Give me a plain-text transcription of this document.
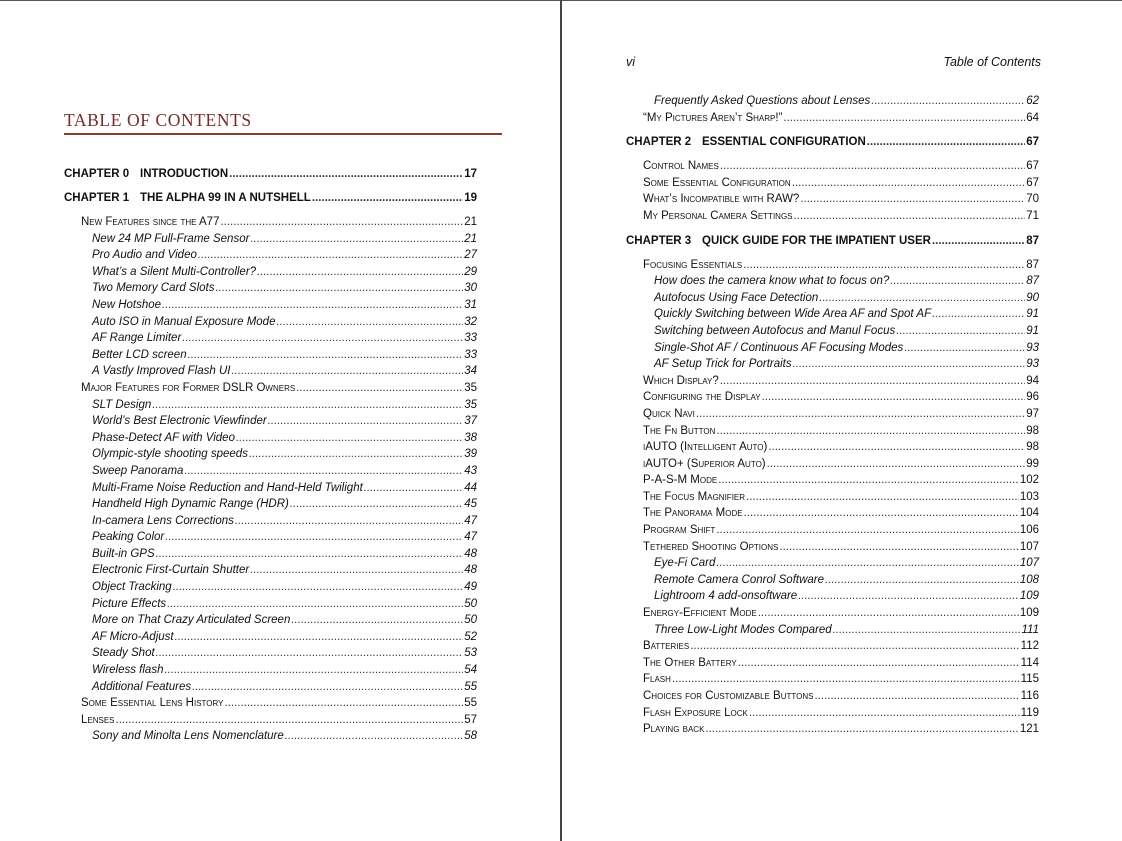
TABLE OF CONTENTS
CHAPTER 0 INTRODUCTION .....	17
CHAPTER 1 THE ALPHA 99 IN A NUTSHELL .....	19
New Features since the A77 .....	21
New 24 MP Full-Frame Sensor .....	21
Pro Audio and Video .....	27
What’s a Silent Multi-Controller? .....	29
Two Memory Card Slots .....	30
New Hotshoe .....	31
Auto ISO in Manual Exposure Mode .....	32
AF Range Limiter .....	33
Better LCD screen .....	33
A Vastly Improved Flash UI .....	34
Major Features for Former DSLR Owners .....	35
SLT Design .....	35
World’s Best Electronic Viewfinder .....	37
Phase-Detect AF with Video .....	38
Olympic-style shooting speeds .....	39
Sweep Panorama .....	43
Multi-Frame Noise Reduction and Hand-Held Twilight .....	44
Handheld High Dynamic Range (HDR) .....	45
In-camera Lens Corrections .....	47
Peaking Color .....	47
Built-in GPS .....	48
Electronic First-Curtain Shutter .....	48
Object Tracking .....	49
Picture Effects .....	50
More on That Crazy Articulated Screen .....	50
AF Micro-Adjust .....	52
Steady Shot .....	53
Wireless flash .....	54
Additional Features .....	55
Some Essential Lens History .....	55
Lenses .....	57
Sony and Minolta Lens Nomenclature .....	58
vi	Table of Contents
Frequently Asked Questions about Lenses .....	62
“My Pictures Aren’t Sharp!” .....	64
CHAPTER 2 ESSENTIAL CONFIGURATION .....	67
Control Names .....	67
Some Essential Configuration .....	67
What’s Incompatible with RAW? .....	70
My Personal Camera Settings .....	71
CHAPTER 3 QUICK GUIDE FOR THE IMPATIENT USER .....	87
Focusing Essentials .....	87
How does the camera know what to focus on? .....	87
Autofocus Using Face Detection .....	90
Quickly Switching between Wide Area AF and Spot AF .....	91
Switching between Autofocus and Manul Focus .....	91
Single-Shot AF / Continuous AF Focusing Modes .....	93
AF Setup Trick for Portraits .....	93
Which Display? .....	94
Configuring the Display .....	96
Quick Navi .....	97
The Fn Button .....	98
iAUTO (Intelligent Auto) .....	98
iAUTO+ (Superior Auto) .....	99
P-A-S-M Mode .....	102
The Focus Magnifier .....	103
The Panorama Mode .....	104
Program Shift .....	106
Tethered Shooting Options .....	107
Eye-Fi Card .....	107
Remote Camera Conrol Software .....	108
Lightroom 4 add-onsoftware .....	109
Energy-Efficient Mode .....	109
Three Low-Light Modes Compared .....	111
Batteries .....	112
The Other Battery .....	114
Flash .....	115
Choices for Customizable Buttons .....	116
Flash Exposure Lock .....	119
Playing back .....	121
